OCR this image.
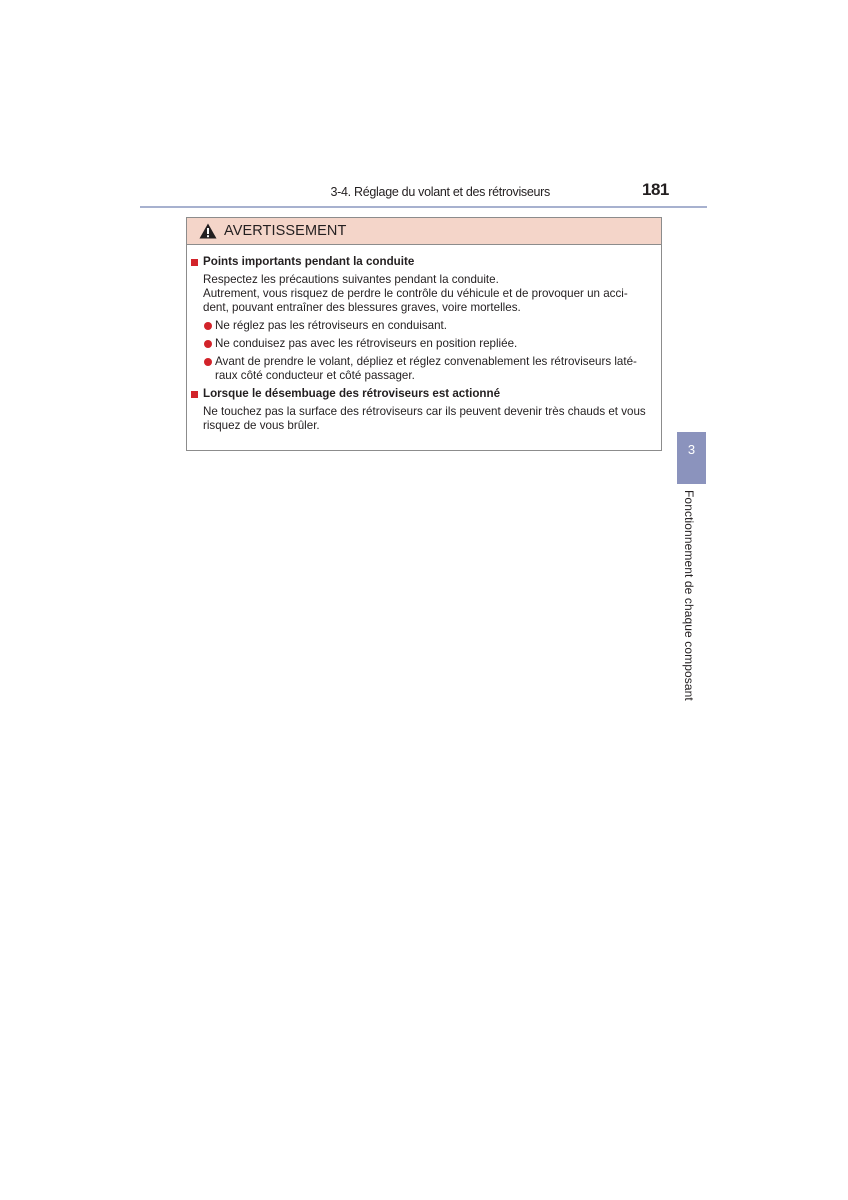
3-4. Réglage du volant et des rétroviseurs	181
AVERTISSEMENT
Points importants pendant la conduite
Respectez les précautions suivantes pendant la conduite.
Autrement, vous risquez de perdre le contrôle du véhicule et de provoquer un acci-
dent, pouvant entraîner des blessures graves, voire mortelles.
Ne réglez pas les rétroviseurs en conduisant.
Ne conduisez pas avec les rétroviseurs en position repliée.
Avant de prendre le volant, dépliez et réglez convenablement les rétroviseurs laté-raux côté conducteur et côté passager.
Lorsque le désembuage des rétroviseurs est actionné
Ne touchez pas la surface des rétroviseurs car ils peuvent devenir très chauds et vous
risquez de vous brûler.
3
Fonctionnement de chaque composant
